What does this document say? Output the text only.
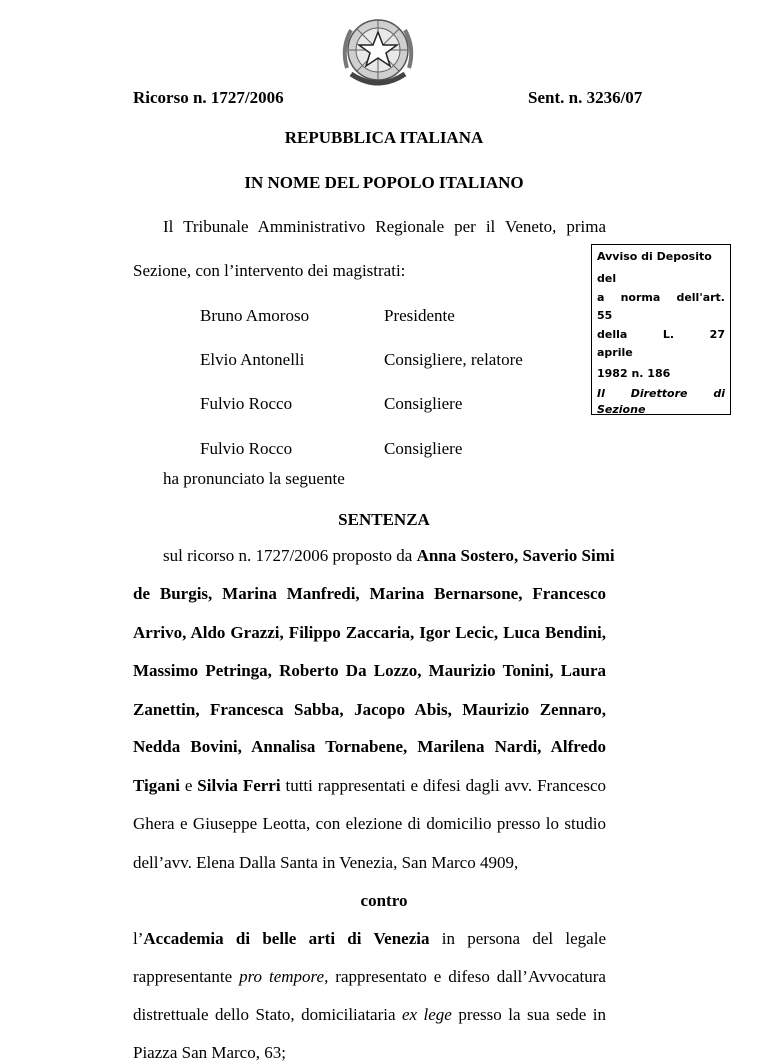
Ricorso n. 1727/2006	Sent. n. 3236/07
REPUBBLICA ITALIANA
IN NOME DEL POPOLO ITALIANO
Il Tribunale Amministrativo Regionale per il Veneto, prima
Sezione, con l’intervento dei magistrati:
Bruno Amoroso	Presidente
Elvio Antonelli	Consigliere, relatore
Fulvio Rocco	Consigliere
Fulvio Rocco	Consigliere
ha pronunciato la seguente
Avviso di Deposito
del
a norma dell'art.
55
della	L.	27
aprile
1982 n. 186
Il Direttore di
Sezione
SENTENZA
sul ricorso n. 1727/2006 proposto da Anna Sostero, Saverio Simi
de Burgis, Marina Manfredi, Marina Bernarsone, Francesco
Arrivo, Aldo Grazzi, Filippo Zaccaria, Igor Lecic, Luca Bendini,
Massimo Petringa, Roberto Da Lozzo, Maurizio Tonini, Laura
Zanettin, Francesca Sabba, Jacopo Abis, Maurizio Zennaro,
Nedda Bovini, Annalisa Tornabene, Marilena Nardi, Alfredo
Tigani e Silvia Ferri tutti rappresentati e difesi dagli avv. Francesco
Ghera e Giuseppe Leotta, con elezione di domicilio presso lo studio
dell’avv. Elena Dalla Santa in Venezia, San Marco 4909,
contro
l’Accademia di belle arti di Venezia in persona del legale
rappresentante pro tempore, rappresentato e difeso dall’Avvocatura
distrettuale dello Stato, domiciliataria ex lege presso la sua sede in
Piazza San Marco, 63;
